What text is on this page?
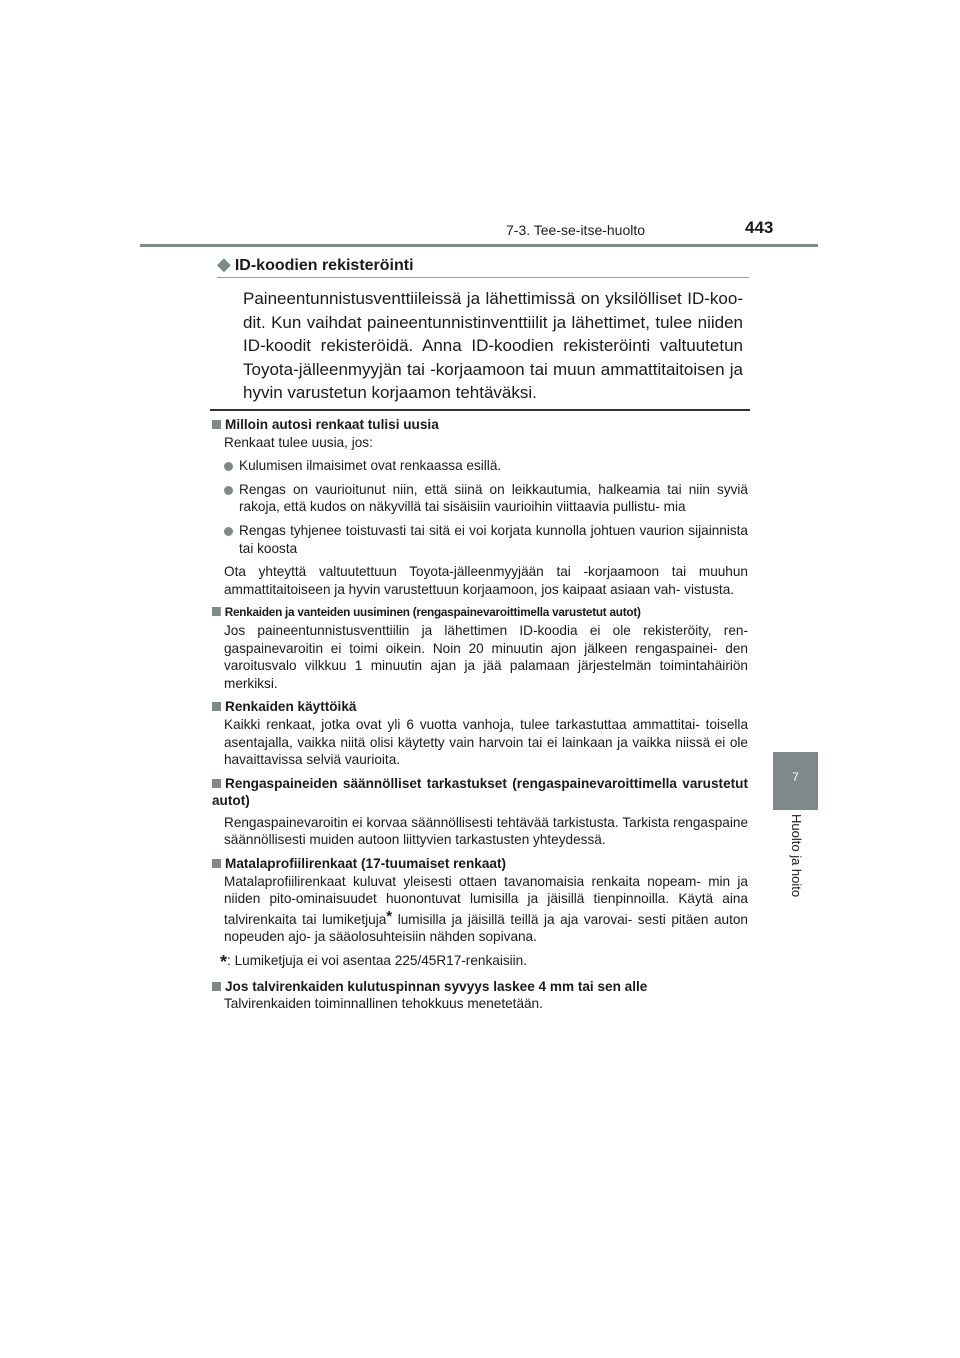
7-3. Tee-se-itse-huolto	443
7
Huolto ja hoito
◆ ID-koodien rekisteröinti
Paineentunnistusventtiileissä ja lähettimissä on yksilölliset ID-koo- dit. Kun vaihdat paineentunnistinventtiilit ja lähettimet, tulee niiden ID-koodit rekisteröidä. Anna ID-koodien rekisteröinti valtuutetun Toyota-jälleenmyyjän tai -korjaamoon tai muun ammattitaitoisen ja hyvin varustetun korjaamon tehtäväksi.

Milloin autosi renkaat tulisi uusia

Renkaat tulee uusia, jos:

Kulumisen ilmaisimet ovat renkaassa esillä.
Rengas on vaurioitunut niin, että siinä on leikkautumia, halkeamia tai niin syviä rakoja, että kudos on näkyvillä tai sisäisiin vaurioihin viittaavia pullistu- mia
Rengas tyhjenee toistuvasti tai sitä ei voi korjata kunnolla johtuen vaurion sijainnista tai koosta

Ota yhteyttä valtuutettuun Toyota-jälleenmyyjään tai -korjaamoon tai muuhun ammattitaitoiseen ja hyvin varustettuun korjaamoon, jos kaipaat asiaan vah- vistusta.

Renkaiden ja vanteiden uusiminen (rengaspainevaroittimella varustetut autot)

Jos paineentunnistusventtiilin ja lähettimen ID-koodia ei ole rekisteröity, ren- gaspainevaroitin ei toimi oikein. Noin 20 minuutin ajon jälkeen rengaspainei- den varoitusvalo vilkkuu 1 minuutin ajan ja jää palamaan järjestelmän toimintahäiriön merkiksi.

Renkaiden käyttöikä

Kaikki renkaat, jotka ovat yli 6 vuotta vanhoja, tulee tarkastuttaa ammattitai- toisella asentajalla, vaikka niitä olisi käytetty vain harvoin tai ei lainkaan ja vaikka niissä ei ole havaittavissa selviä vaurioita.

Rengaspaineiden säännölliset tarkastukset (rengaspainevaroittimella varustetut autot)

Rengaspainevaroitin ei korvaa säännöllisesti tehtävää tarkistusta. Tarkista rengaspaine säännöllisesti muiden autoon liittyvien tarkastusten yhteydessä.

Matalaprofiilirenkaat (17-tuumaiset renkaat)

Matalaprofiilirenkaat kuluvat yleisesti ottaen tavanomaisia renkaita nopeam- min ja niiden pito-ominaisuudet huonontuvat lumisilla ja jäisillä tienpinnoilla. Käytä aina talvirenkaita tai lumiketjuja* lumisilla ja jäisillä teillä ja aja varovai- sesti pitäen auton nopeuden ajo- ja sääolosuhteisiin nähden sopivana.

*: Lumiketjuja ei voi asentaa 225/45R17-renkaisiin.

Jos talvirenkaiden kulutuspinnan syvyys laskee 4 mm tai sen alle

Talvirenkaiden toiminnallinen tehokkuus menetetään.
